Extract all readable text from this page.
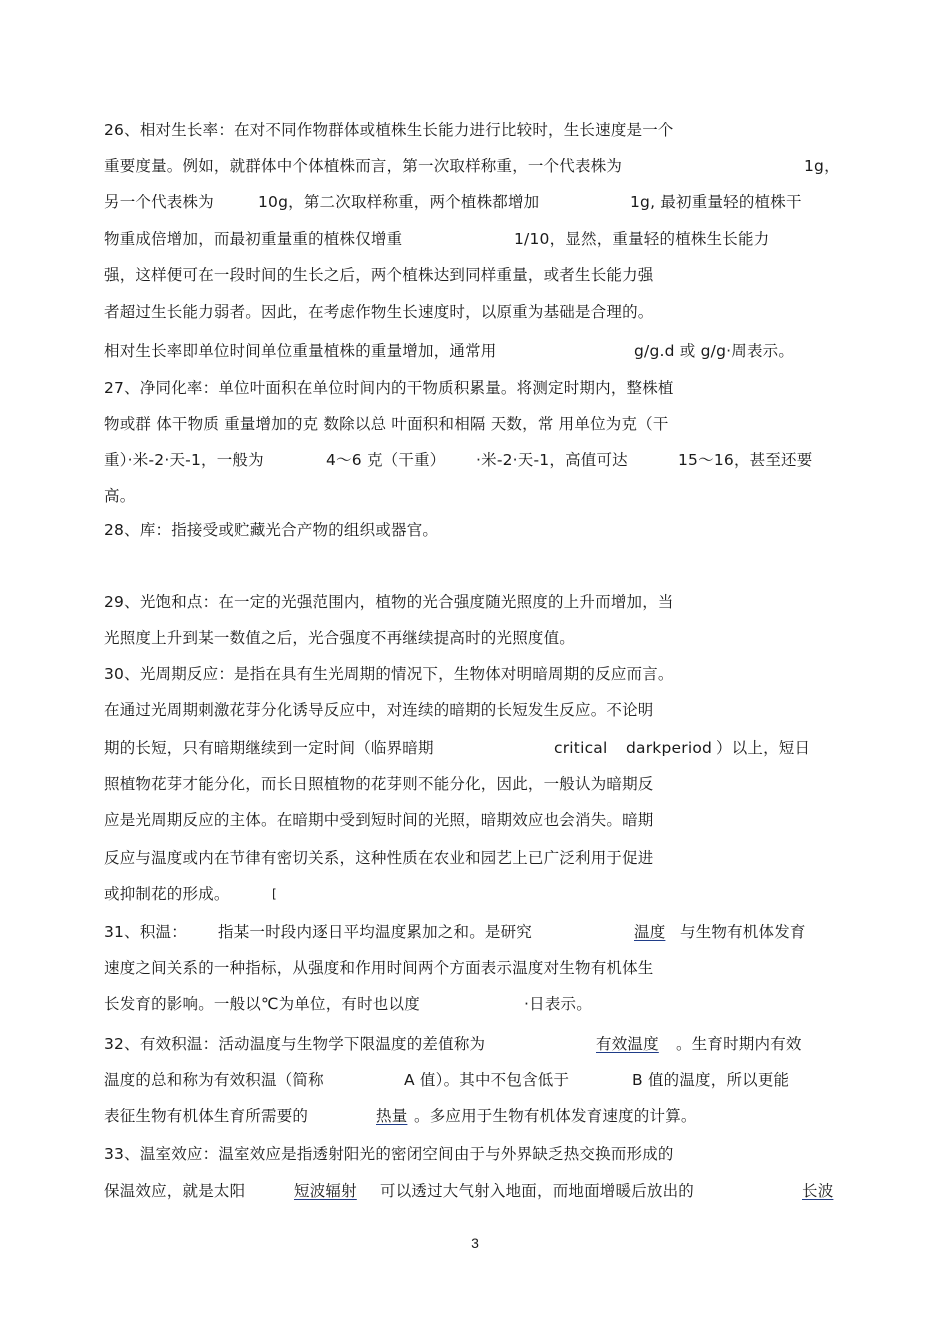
26、相对生长率：在对不同作物群体或植株生长能力进行比较时，生长速度是一个
重要度量。例如，就群体中个体植株而言，第一次取样称重，一个代表株为	1g，
另一个代表株为	10g，第二次取样称重，两个植株都增加	1g, 最初重量轻的植株干
物重成倍增加，而最初重量重的植株仅增重	1/10，显然，重量轻的植株生长能力
强，这样便可在一段时间的生长之后，两个植株达到同样重量，或者生长能力强
者超过生长能力弱者。因此，在考虑作物生长速度时，以原重为基础是合理的。
相对生长率即单位时间单位重量植株的重量增加，通常用	g/g.d 或 g/g·周表示。
27、净同化率：单位叶面积在单位时间内的干物质积累量。将测定时期内，整株植
物或群 体干物质 重量增加的克 数除以总 叶面积和相隔 天数，常 用单位为克（干
重）·米-2·天-1，一般为	4～6 克（干重） ·米-2·天-1，高值可达	15～16，甚至还要
高。
28、库：指接受或贮藏光合产物的组织或器官。
29、光饱和点：在一定的光强范围内，植物的光合强度随光照度的上升而增加，当
光照度上升到某一数值之后，光合强度不再继续提高时的光照度值。
30、光周期反应：是指在具有生光周期的情况下，生物体对明暗周期的反应而言。
在通过光周期刺激花芽分化诱导反应中，对连续的暗期的长短发生反应。不论明
期的长短，只有暗期继续到一定时间（临界暗期	critical darkperiod ）以上，短日
照植物花芽才能分化，而长日照植物的花芽则不能分化，因此，一般认为暗期反
应是光周期反应的主体。在暗期中受到短时间的光照，暗期效应也会消失。暗期
反应与温度或内在节律有密切关系，这种性质在农业和园艺上已广泛利用于促进
或抑制花的形成。	[
31、积温： 指某一时段内逐日平均温度累加之和。是研究	温度 与生物有机体发育
速度之间关系的一种指标，从强度和作用时间两个方面表示温度对生物有机体生
长发育的影响。一般以℃为单位，有时也以度	·日表示。
32、有效积温：活动温度与生物学下限温度的差值称为	有效温度 。生育时期内有效
温度的总和称为有效积温（简称	A 值）。其中不包含低于	B 值的温度，所以更能
表征生物有机体生育所需要的	热量 。多应用于生物有机体发育速度的计算。
33、温室效应：温室效应是指透射阳光的密闭空间由于与外界缺乏热交换而形成的
保温效应，就是太阳	短波辐射 可以透过大气射入地面，而地面增暖后放出的	长波
3
